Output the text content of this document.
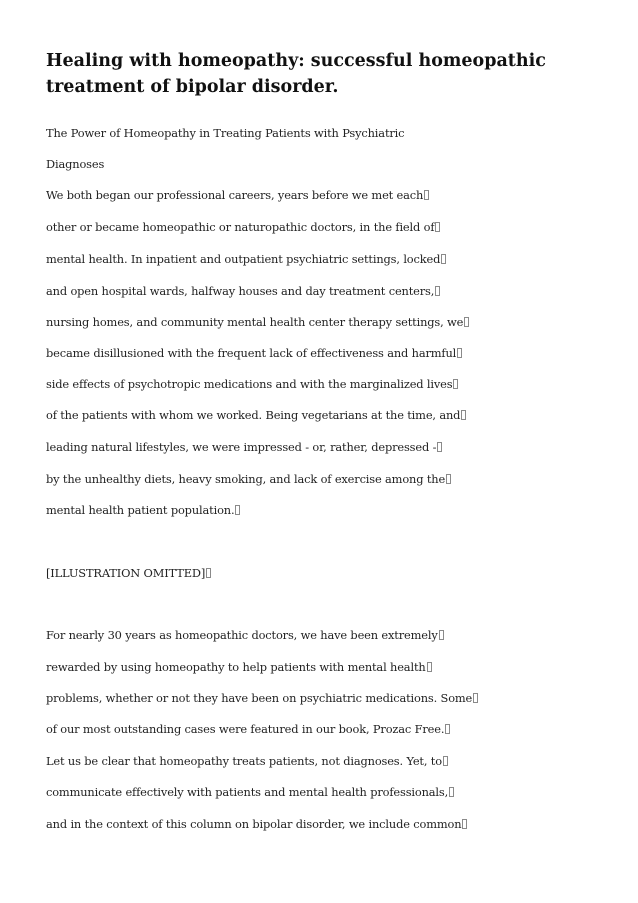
Healing with homeopathy: successful homeopathic treatment of bipolar disorder.

The Power of Homeopathy in Treating Patients with Psychiatric

Diagnoses

We both began our professional careers, years before we met each

other or became homeopathic or naturopathic doctors, in the field of

mental health. In inpatient and outpatient psychiatric settings, locked

and open hospital wards, halfway houses and day treatment centers,

nursing homes, and community mental health center therapy settings, we

became disillusioned with the frequent lack of effectiveness and harmful

side effects of psychotropic medications and with the marginalized lives

of the patients with whom we worked. Being vegetarians at the time, and

leading natural lifestyles, we were impressed - or, rather, depressed -

by the unhealthy diets, heavy smoking, and lack of exercise among the

mental health patient population.

[ILLUSTRATION OMITTED]

For nearly 30 years as homeopathic doctors, we have been extremely

rewarded by using homeopathy to help patients with mental health

problems, whether or not they have been on psychiatric medications. Some

of our most outstanding cases were featured in our book, Prozac Free.

Let us be clear that homeopathy treats patients, not diagnoses. Yet, to

communicate effectively with patients and mental health professionals,

and in the context of this column on bipolar disorder, we include common
